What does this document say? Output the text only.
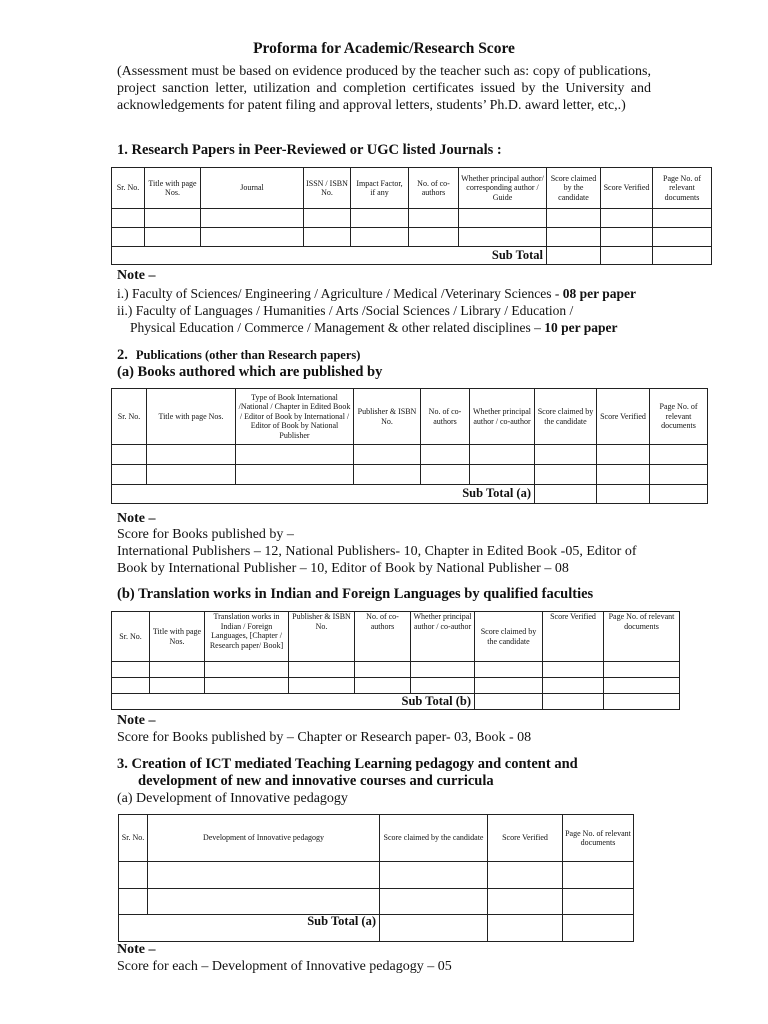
Proforma for Academic/Research Score
(Assessment must be based on evidence produced by the teacher such as: copy of publications, project sanction letter, utilization and completion certificates issued by the University and acknowledgements for patent filing and approval letters, students’ Ph.D. award letter, etc,.)
1. Research Papers in Peer-Reviewed or UGC listed Journals :
Sr. No.	Title with page Nos.	Journal	ISSN / ISBN No.	Impact Factor, if any	No. of co-authors	Whether principal author/ corresponding author / Guide	Score claimed by the candidate	Score Verified	Page No. of relevant documents

Sub Total									
Note –
i.) Faculty of Sciences/ Engineering / Agriculture / Medical /Veterinary Sciences - 08 per paper
ii.) Faculty of Languages / Humanities / Arts /Social Sciences / Library / Education /
Physical Education / Commerce / Management & other related disciplines – 10 per paper
2. Publications (other than Research papers)
(a) Books authored which are published by
Sr. No.	Title with page Nos.	Type of Book International /National / Chapter in Edited Book / Editor of Book by International / Editor of Book by National Publisher	Publisher & ISBN No.	No. of co-authors	Whether principal author / co-author	Score claimed by the candidate	Score Verified	Page No. of relevant documents

Sub Total (a)								
Note –
Score for Books published by –
International Publishers – 12, National Publishers- 10, Chapter in Edited Book -05, Editor of
Book by International Publisher – 10, Editor of Book by National Publisher – 08
(b) Translation works in Indian and Foreign Languages by qualified faculties
Sr. No.	Title with page Nos.	Translation works in Indian / Foreign Languages, [Chapter / Research paper/ Book]	Publisher & ISBN No.	No. of co-authors	Whether principal author / co-author	Score claimed by the candidate	Score Verified	Page No. of relevant documents

Sub Total (b)								
Note –
Score for Books published by – Chapter or Research paper- 03, Book - 08
3. Creation of ICT mediated Teaching Learning pedagogy and content and
development of new and innovative courses and curricula
(a) Development of Innovative pedagogy
Sr. No.	Development of Innovative pedagogy	Score claimed by the candidate	Score Verified	Page No. of relevant documents

Sub Total (a)				
Note –
Score for each – Development of Innovative pedagogy – 05
